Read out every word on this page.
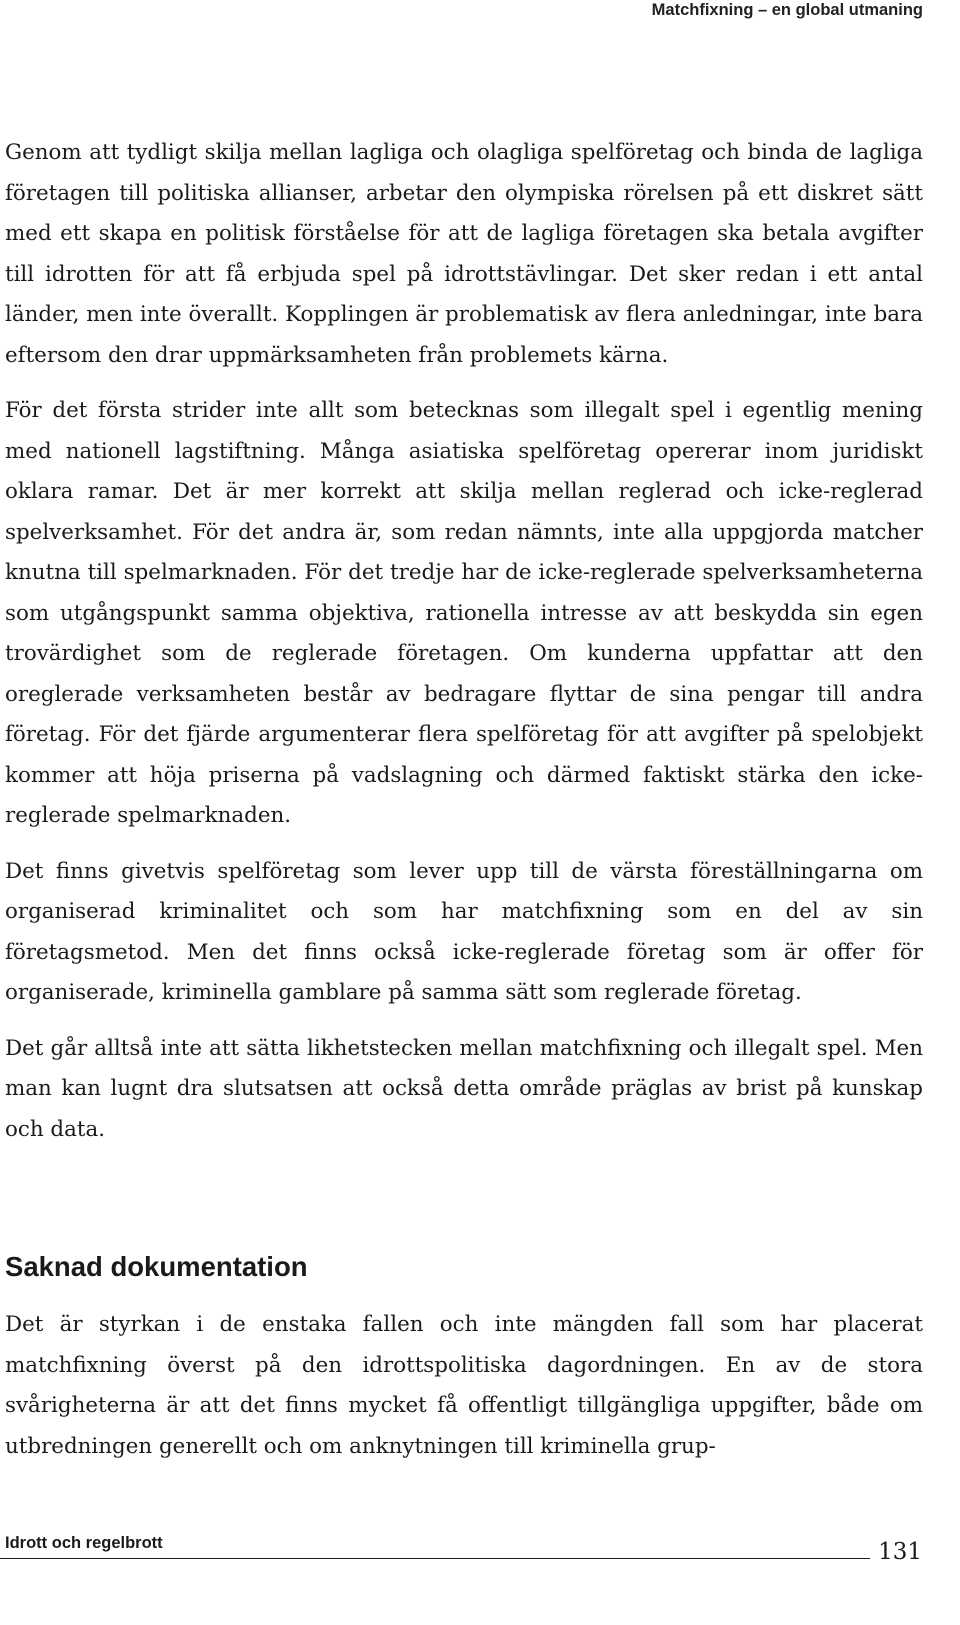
Matchfixning – en global utmaning

Genom att tydligt skilja mellan lagliga och olagliga spelföretag och binda de lagliga företagen till politiska allianser, arbetar den olympiska rörelsen på ett diskret sätt med ett skapa en politisk förståelse för att de lagliga företagen ska betala avgifter till idrotten för att få erbjuda spel på idrottstävlingar. Det sker redan i ett antal länder, men inte överallt. Kopplingen är problematisk av flera anledningar, inte bara eftersom den drar uppmärksamheten från problemets kärna.

För det första strider inte allt som betecknas som illegalt spel i egentlig mening med nationell lagstiftning. Många asiatiska spelföretag opererar inom juridiskt oklara ramar. Det är mer korrekt att skilja mellan reglerad och icke-reglerad spelverksamhet. För det andra är, som redan nämnts, inte alla uppgjorda matcher knutna till spelmarknaden. För det tredje har de icke-reglerade spelverksamheterna som utgångspunkt samma objektiva, rationella intresse av att beskydda sin egen trovärdighet som de reglerade företagen. Om kunderna uppfattar att den oreglerade verksamheten består av bedragare flyttar de sina pengar till andra företag. För det fjärde argumenterar flera spelföretag för att avgifter på spelobjekt kommer att höja priserna på vadslagning och därmed faktiskt stärka den icke-reglerade spelmarknaden.

Det finns givetvis spelföretag som lever upp till de värsta föreställningarna om organiserad kriminalitet och som har matchfixning som en del av sin företagsmetod. Men det finns också icke-reglerade företag som är offer för organiserade, kriminella gamblare på samma sätt som reglerade företag.

Det går alltså inte att sätta likhetstecken mellan matchfixning och illegalt spel. Men man kan lugnt dra slutsatsen att också detta område präglas av brist på kunskap och data.

Saknad dokumentation

Det är styrkan i de enstaka fallen och inte mängden fall som har placerat matchfixning överst på den idrottspolitiska dagordningen. En av de stora svårigheterna är att det finns mycket få offentligt tillgängliga uppgifter, både om utbredningen generellt och om anknytningen till kriminella grup-

Idrott och regelbrott	131
